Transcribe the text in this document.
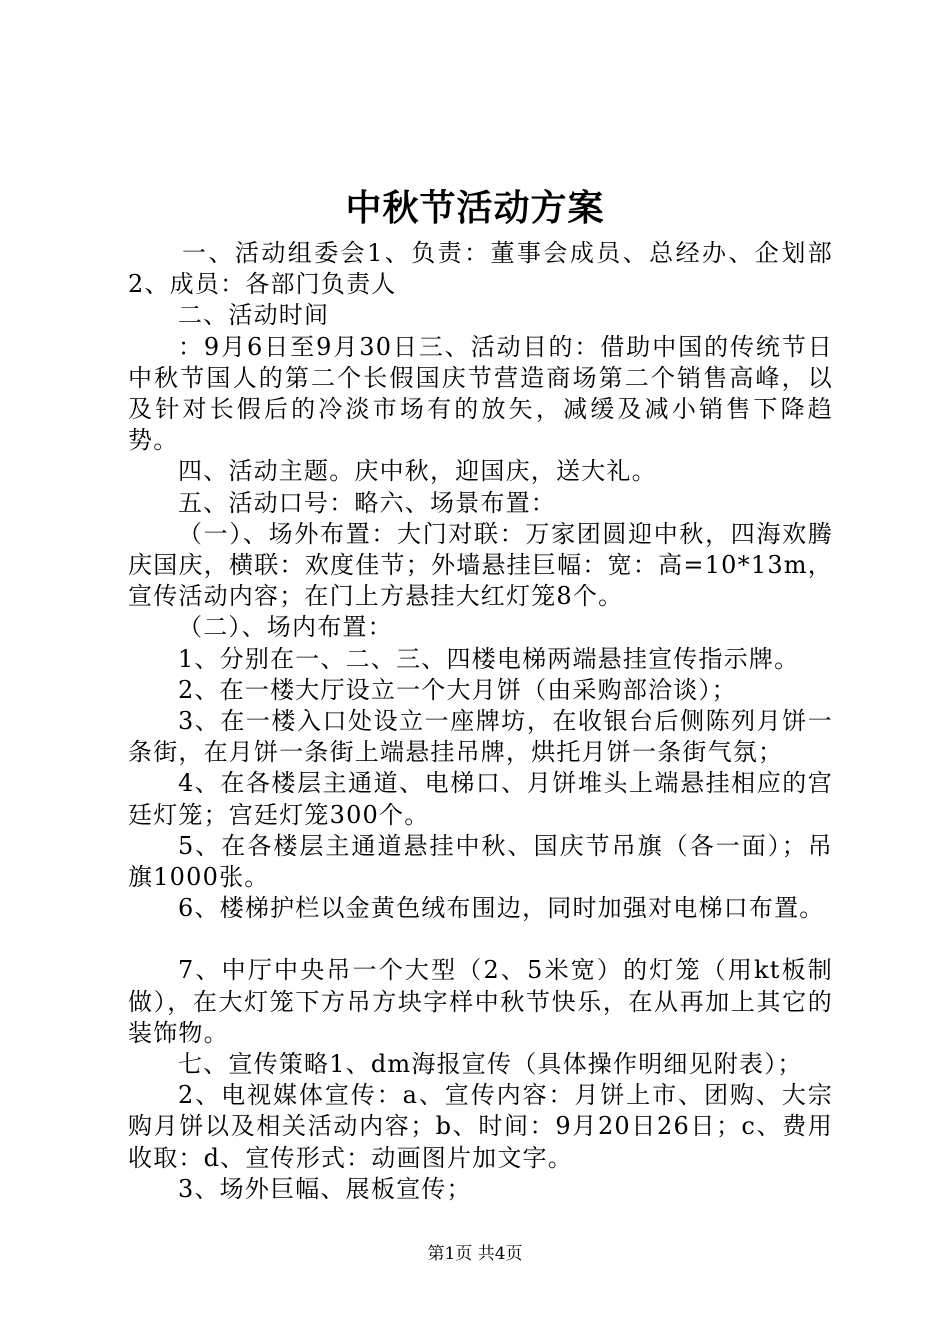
中秋节活动方案

一、活动组委会1、负责：董事会成员、总经办、企划部2、成员：各部门负责人

二、活动时间

：9月6日至9月30日三、活动目的：借助中国的传统节日中秋节国人的第二个长假国庆节营造商场第二个销售高峰，以及针对长假后的冷淡市场有的放矢，减缓及减小销售下降趋势。

四、活动主题。庆中秋，迎国庆，送大礼。

五、活动口号：略六、场景布置：

（一）、场外布置：大门对联：万家团圆迎中秋，四海欢腾庆国庆，横联：欢度佳节；外墙悬挂巨幅：宽：高=10*13m，宣传活动内容；在门上方悬挂大红灯笼8个。

（二）、场内布置：

1、分别在一、二、三、四楼电梯两端悬挂宣传指示牌。

2、在一楼大厅设立一个大月饼（由采购部洽谈）；

3、在一楼入口处设立一座牌坊，在收银台后侧陈列月饼一条街，在月饼一条街上端悬挂吊牌，烘托月饼一条街气氛；

4、在各楼层主通道、电梯口、月饼堆头上端悬挂相应的宫廷灯笼；宫廷灯笼300个。

5、在各楼层主通道悬挂中秋、国庆节吊旗（各一面）；吊旗1000张。

6、楼梯护栏以金黄色绒布围边，同时加强对电梯口布置。

7、中厅中央吊一个大型（2、5米宽）的灯笼（用kt板制做），在大灯笼下方吊方块字样中秋节快乐，在从再加上其它的装饰物。

七、宣传策略1、dm海报宣传（具体操作明细见附表）；

2、电视媒体宣传：a、宣传内容：月饼上市、团购、大宗购月饼以及相关活动内容；b、时间：9月20日26日；c、费用收取：d、宣传形式：动画图片加文字。

3、场外巨幅、展板宣传；

第1页 共4页
